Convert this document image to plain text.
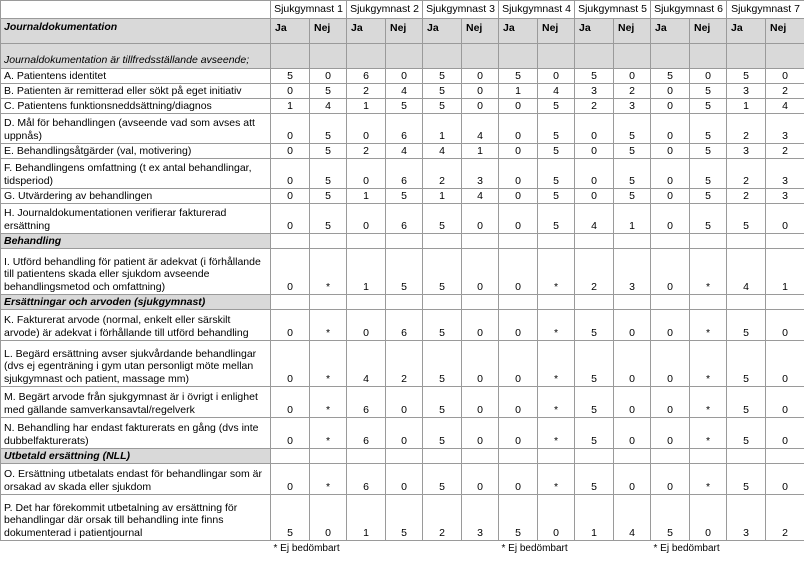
	Sjukgymnast 1		Sjukgymnast 2		Sjukgymnast 3		Sjukgymnast 4		Sjukgymnast 5		Sjukgymnast 6		Sjukgymnast 7	
Journaldokumentation	Ja	Nej	Ja	Nej	Ja	Nej	Ja	Nej	Ja	Nej	Ja	Nej	Ja	Nej
Journaldokumentation är tillfredsställande avseende;														
A. Patientens identitet	5	0	6	0	5	0	5	0	5	0	5	0	5	0
B. Patienten är remitterad eller sökt på eget initiativ	0	5	2	4	5	0	1	4	3	2	0	5	3	2
C. Patientens funktionsneddsättning/diagnos	1	4	1	5	5	0	0	5	2	3	0	5	1	4
D. Mål för behandlingen (avseende vad som avses att uppnås)	0	5	0	6	1	4	0	5	0	5	0	5	2	3
E. Behandlingsåtgärder (val, motivering)	0	5	2	4	4	1	0	5	0	5	0	5	3	2
F. Behandlingens omfattning (t ex antal behandlingar, tidsperiod)	0	5	0	6	2	3	0	5	0	5	0	5	2	3
G. Utvärdering av behandlingen	0	5	1	5	1	4	0	5	0	5	0	5	2	3
H. Journaldokumentationen verifierar fakturerad ersättning	0	5	0	6	5	0	0	5	4	1	0	5	5	0
Behandling														
I. Utförd behandling för patient är adekvat (i förhållande till patientens skada eller sjukdom avseende behandlingsmetod och omfattning)	0	*	1	5	5	0	0	*	2	3	0	*	4	1
Ersättningar och arvoden (sjukgymnast)														
K. Fakturerat arvode (normal, enkelt eller särskilt arvode) är adekvat i förhållande till utförd behandling	0	*	0	6	5	0	0	*	5	0	0	*	5	0
L. Begärd ersättning avser sjukvårdande behandlingar (dvs ej egenträning i gym utan personligt möte mellan sjukgymnast och patient, massage mm)	0	*	4	2	5	0	0	*	5	0	0	*	5	0
M. Begärt arvode från sjukgymnast är i övrigt i enlighet med gällande samverkansavtal/regelverk	0	*	6	0	5	0	0	*	5	0	0	*	5	0
N. Behandling har endast fakturerats en gång (dvs inte dubbelfakturerats)	0	*	6	0	5	0	0	*	5	0	0	*	5	0
Utbetald ersättning (NLL)														
O. Ersättning utbetalats endast för behandlingar som är orsakad av skada eller sjukdom	0	*	6	0	5	0	0	*	5	0	0	*	5	0
P. Det har förekommit utbetalning av ersättning för behandlingar där orsak till behandling inte finns dokumenterad i patientjournal	5	0	1	5	2	3	5	0	1	4	5	0	3	2
	* Ej bedömbart						* Ej bedömbart				* Ej bedömbart			
